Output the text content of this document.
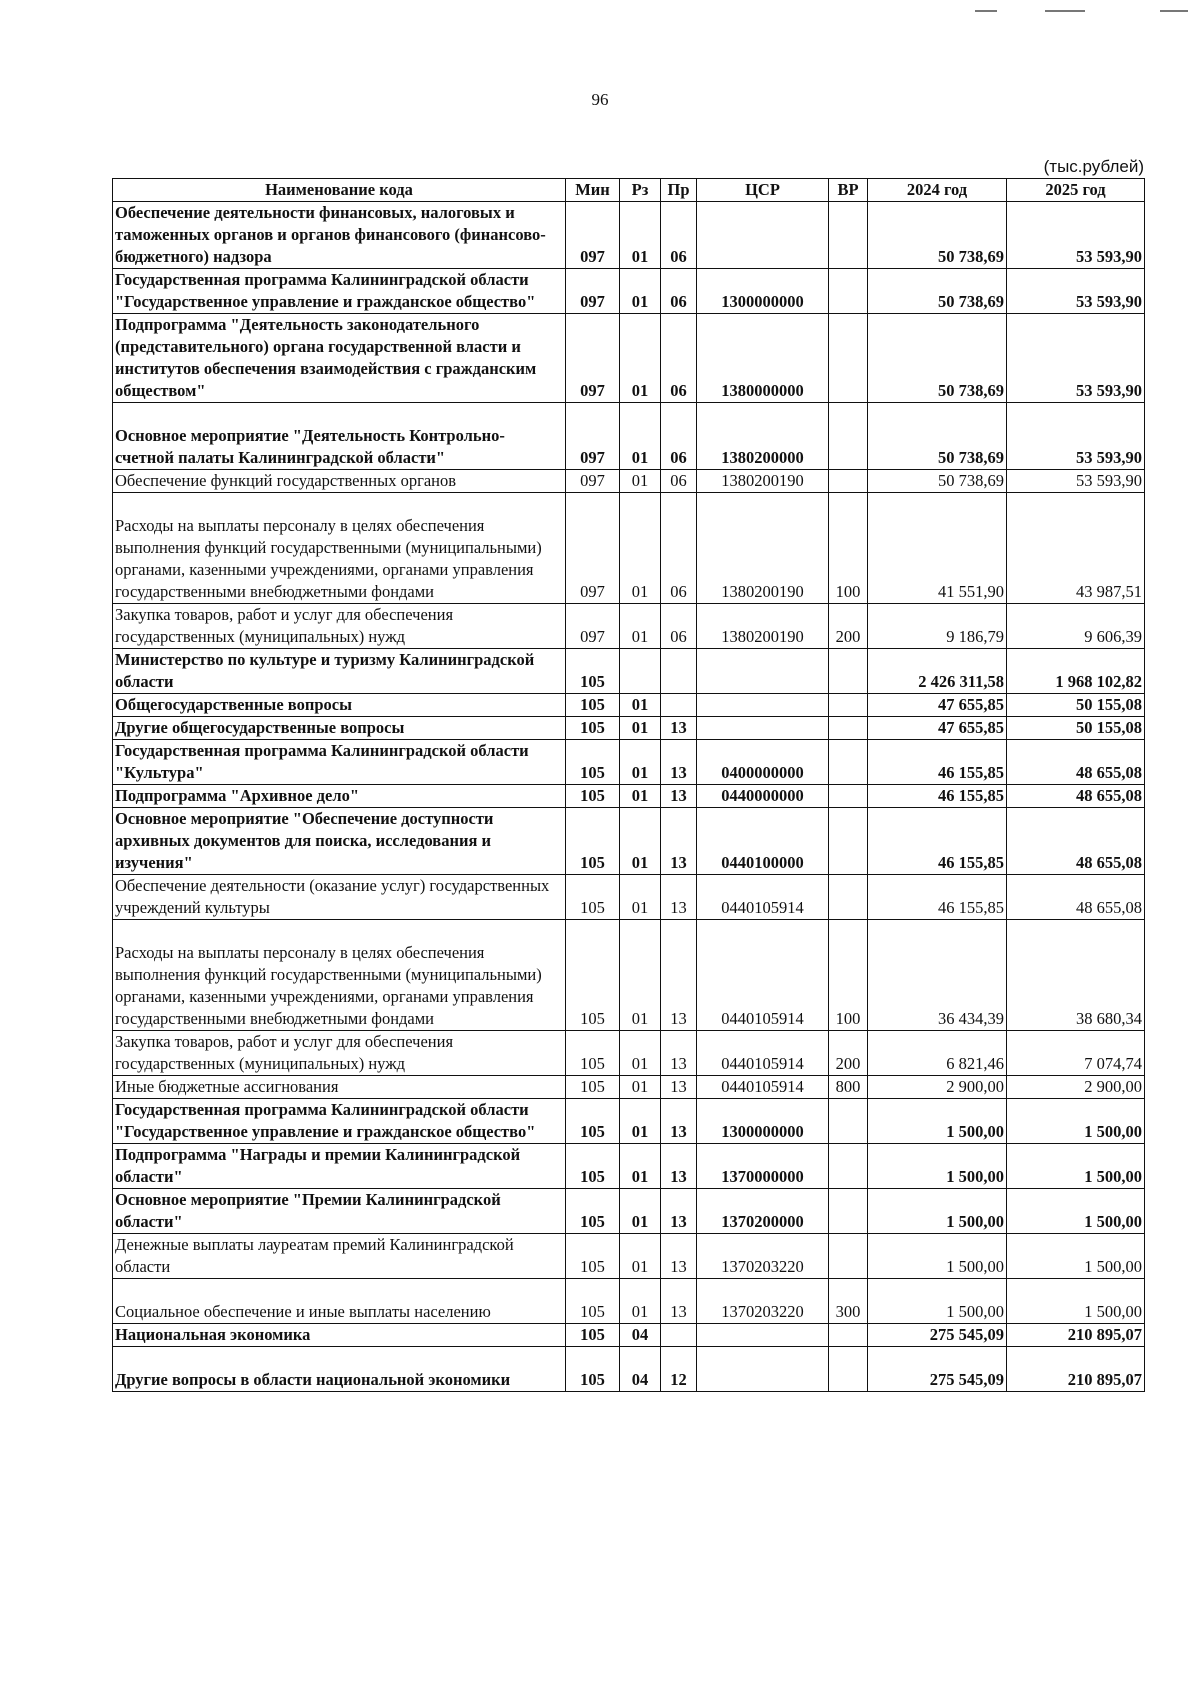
96
(тыс.рублей)
Наименование кода	Мин	Рз	Пр	ЦСР	ВР	2024 год	2025 год
Обеспечение деятельности финансовых, налоговых и таможенных органов и органов финансового (финансово-бюджетного) надзора	097	01	06			50 738,69	53 593,90
Государственная программа Калининградской области "Государственное управление и гражданское общество"	097	01	06	1300000000		50 738,69	53 593,90
Подпрограмма "Деятельность законодательного (представительного) органа государственной власти и институтов обеспечения взаимодействия с гражданским обществом"	097	01	06	1380000000		50 738,69	53 593,90
Основное мероприятие "Деятельность Контрольно-счетной палаты Калининградской области"	097	01	06	1380200000		50 738,69	53 593,90
Обеспечение функций государственных органов	097	01	06	1380200190		50 738,69	53 593,90
Расходы на выплаты персоналу в целях обеспечения выполнения функций государственными (муниципальными) органами, казенными учреждениями, органами управления государственными внебюджетными фондами	097	01	06	1380200190	100	41 551,90	43 987,51
Закупка товаров, работ и услуг для обеспечения государственных (муниципальных) нужд	097	01	06	1380200190	200	9 186,79	9 606,39
Министерство по культуре и туризму Калининградской области	105					2 426 311,58	1 968 102,82
Общегосударственные вопросы	105	01				47 655,85	50 155,08
Другие общегосударственные вопросы	105	01	13			47 655,85	50 155,08
Государственная программа Калининградской области "Культура"	105	01	13	0400000000		46 155,85	48 655,08
Подпрограмма "Архивное дело"	105	01	13	0440000000		46 155,85	48 655,08
Основное мероприятие "Обеспечение доступности архивных документов для поиска, исследования и изучения"	105	01	13	0440100000		46 155,85	48 655,08
Обеспечение деятельности (оказание услуг) государственных учреждений культуры	105	01	13	0440105914		46 155,85	48 655,08
Расходы на выплаты персоналу в целях обеспечения выполнения функций государственными (муниципальными) органами, казенными учреждениями, органами управления государственными внебюджетными фондами	105	01	13	0440105914	100	36 434,39	38 680,34
Закупка товаров, работ и услуг для обеспечения государственных (муниципальных) нужд	105	01	13	0440105914	200	6 821,46	7 074,74
Иные бюджетные ассигнования	105	01	13	0440105914	800	2 900,00	2 900,00
Государственная программа Калининградской области "Государственное управление и гражданское общество"	105	01	13	1300000000		1 500,00	1 500,00
Подпрограмма "Награды и премии Калининградской области"	105	01	13	1370000000		1 500,00	1 500,00
Основное мероприятие "Премии Калининградской области"	105	01	13	1370200000		1 500,00	1 500,00
Денежные выплаты лауреатам премий Калининградской области	105	01	13	1370203220		1 500,00	1 500,00
Социальное обеспечение и иные выплаты населению	105	01	13	1370203220	300	1 500,00	1 500,00
Национальная экономика	105	04				275 545,09	210 895,07
Другие вопросы в области национальной экономики	105	04	12			275 545,09	210 895,07
